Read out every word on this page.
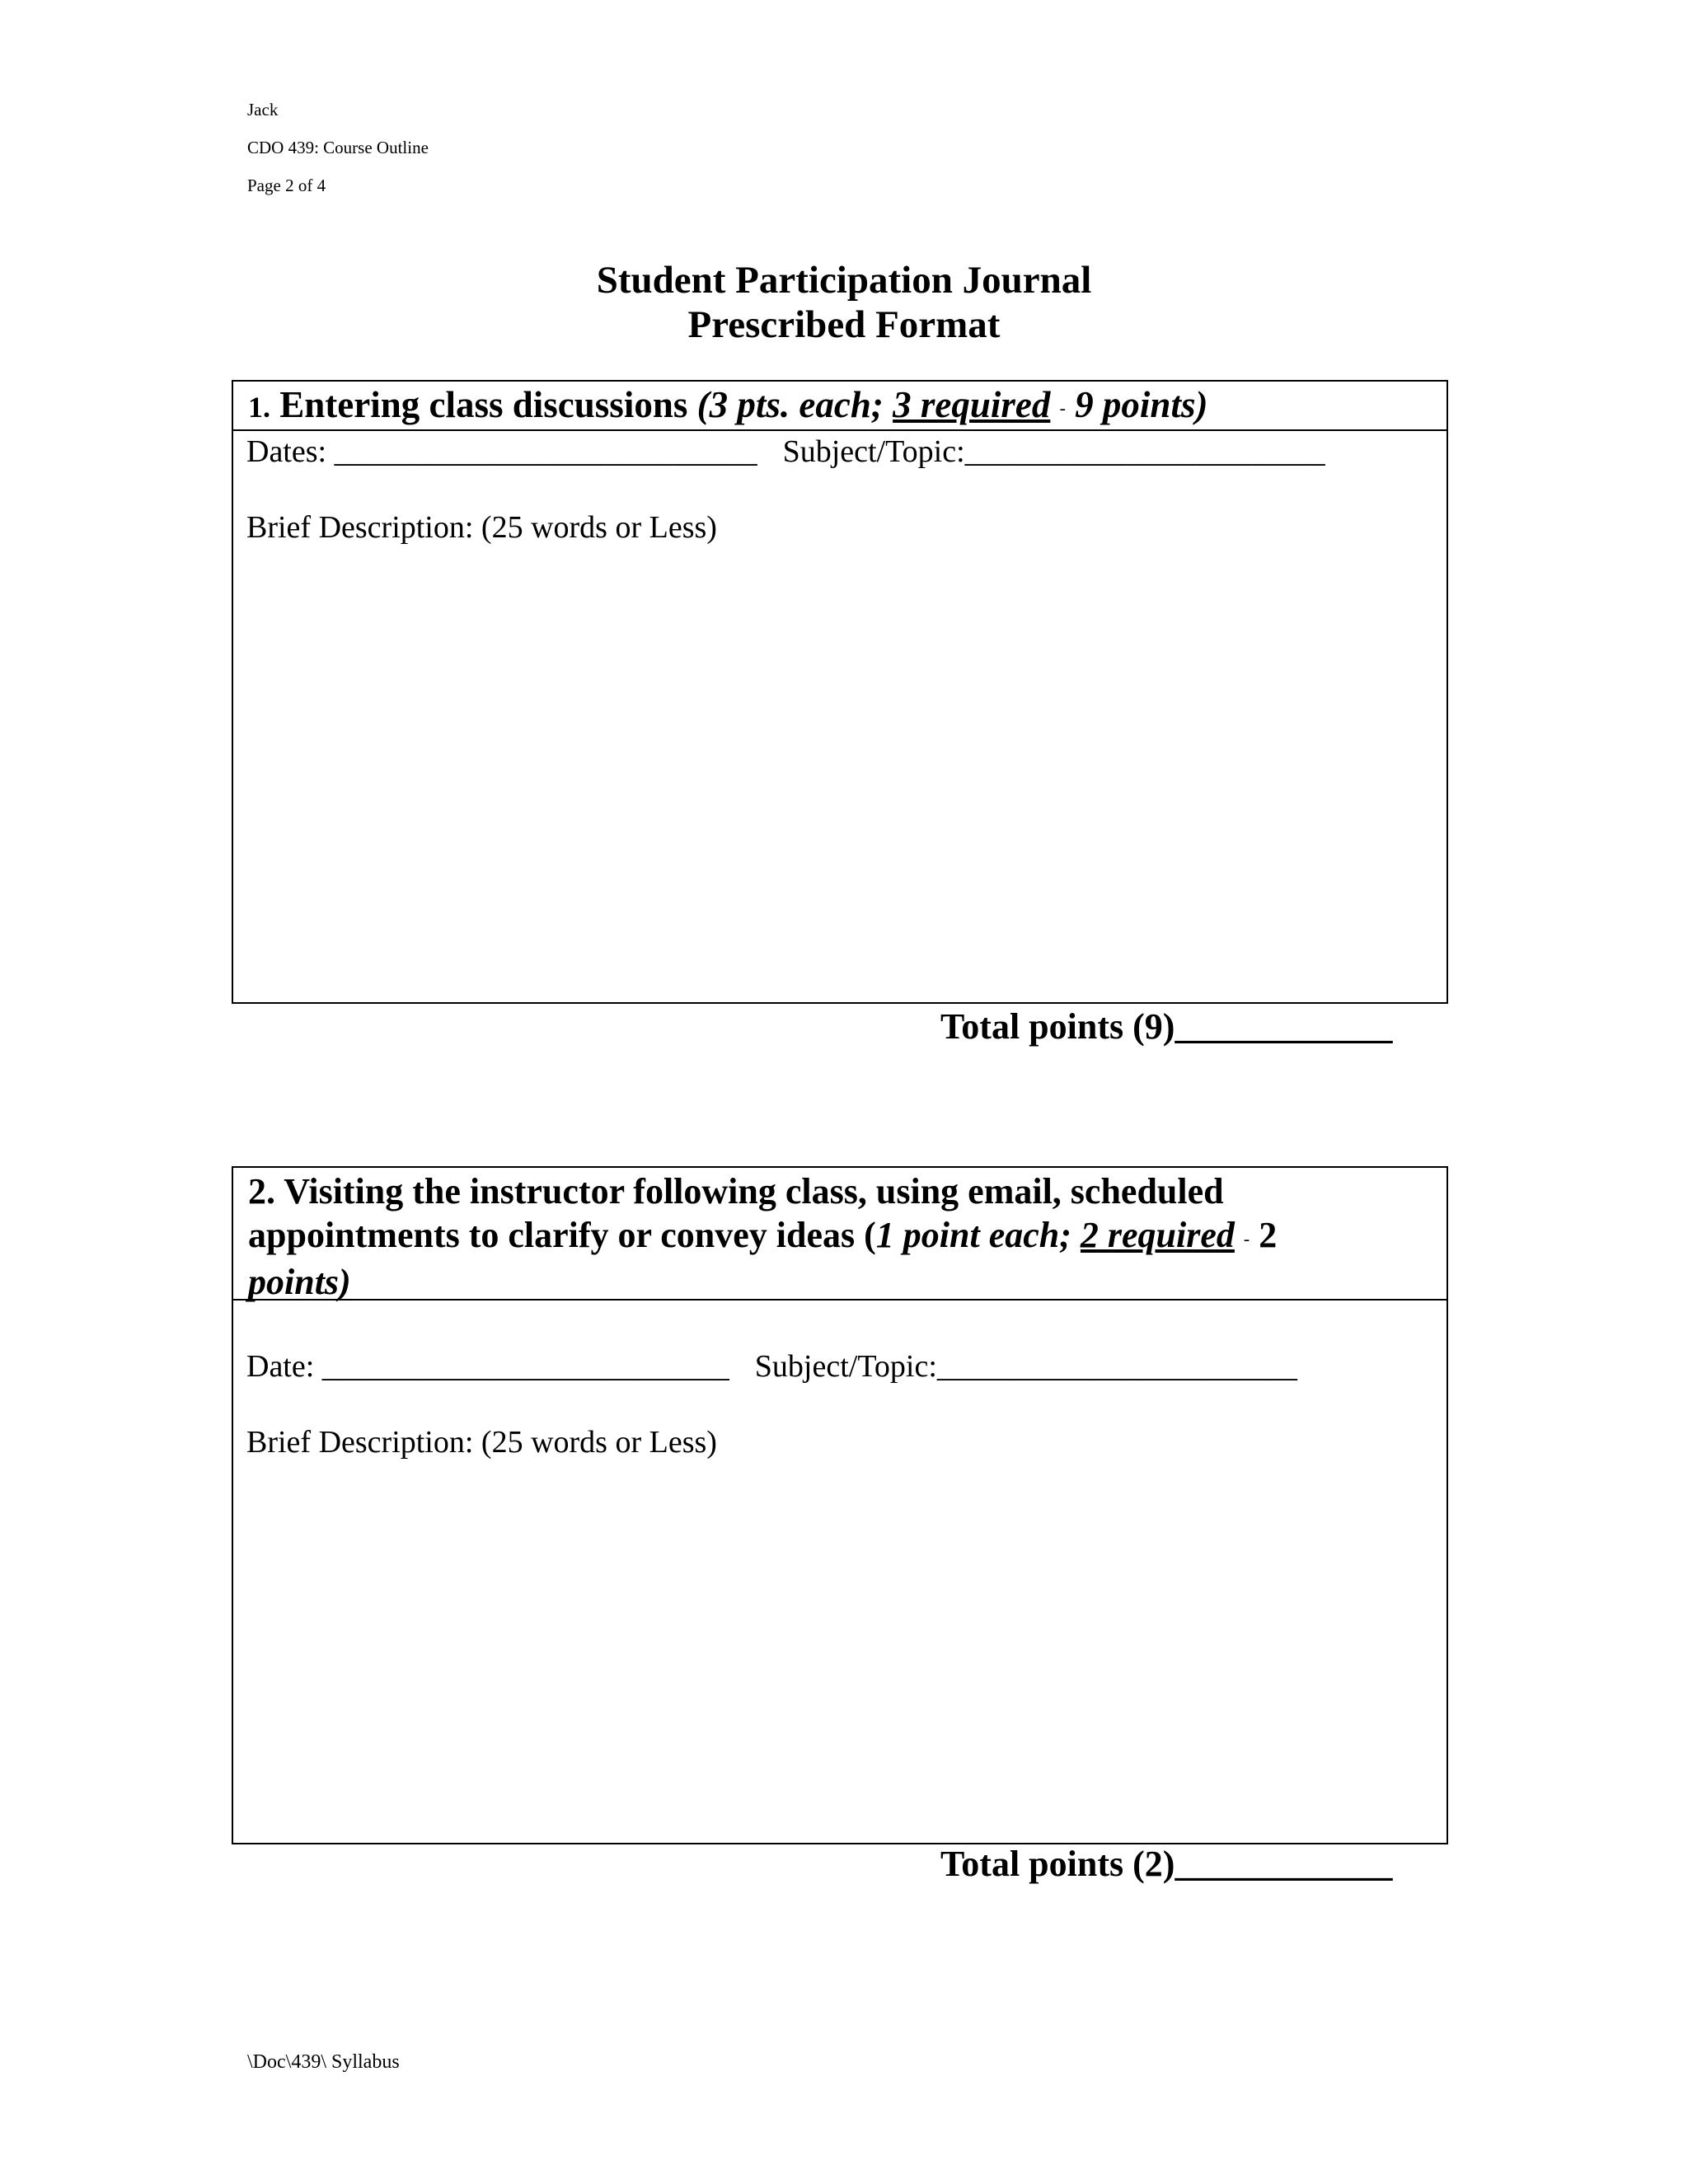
Jack
CDO 439: Course Outline
Page 2 of 4
Student Participation Journal
Prescribed Format
1. Entering class discussions (3 pts. each; 3 required - 9 points)
Dates: ___________________________ Subject/Topic:_______________________
Brief Description: (25 words or Less)
Total points (9)____________
2. Visiting the instructor following class, using email, scheduled
appointments to clarify or convey ideas (1 point each; 2 required - 2
points)
Date: __________________________ Subject/Topic:_______________________
Brief Description: (25 words or Less)
Total points (2)____________
\Doc\439\ Syllabus
